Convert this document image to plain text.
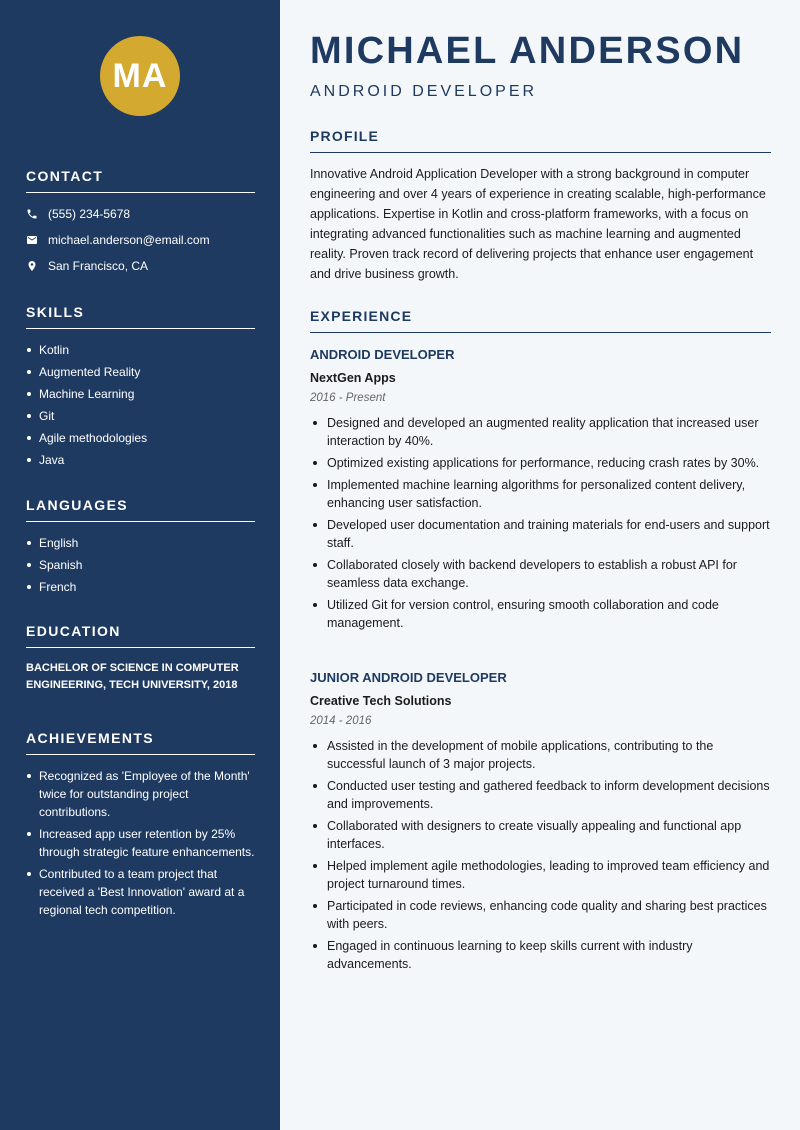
MA
CONTACT
(555) 234-5678
michael.anderson@email.com
San Francisco, CA
SKILLS
Kotlin
Augmented Reality
Machine Learning
Git
Agile methodologies
Java
LANGUAGES
English
Spanish
French
EDUCATION
BACHELOR OF SCIENCE IN COMPUTER ENGINEERING, TECH UNIVERSITY, 2018
ACHIEVEMENTS
Recognized as 'Employee of the Month' twice for outstanding project contributions.
Increased app user retention by 25% through strategic feature enhancements.
Contributed to a team project that received a 'Best Innovation' award at a regional tech competition.
MICHAEL ANDERSON
ANDROID DEVELOPER
PROFILE
Innovative Android Application Developer with a strong background in computer engineering and over 4 years of experience in creating scalable, high-performance applications. Expertise in Kotlin and cross-platform frameworks, with a focus on integrating advanced functionalities such as machine learning and augmented reality. Proven track record of delivering projects that enhance user engagement and drive business growth.
EXPERIENCE
ANDROID DEVELOPER
NextGen Apps
2016 - Present
Designed and developed an augmented reality application that increased user interaction by 40%.
Optimized existing applications for performance, reducing crash rates by 30%.
Implemented machine learning algorithms for personalized content delivery, enhancing user satisfaction.
Developed user documentation and training materials for end-users and support staff.
Collaborated closely with backend developers to establish a robust API for seamless data exchange.
Utilized Git for version control, ensuring smooth collaboration and code management.
JUNIOR ANDROID DEVELOPER
Creative Tech Solutions
2014 - 2016
Assisted in the development of mobile applications, contributing to the successful launch of 3 major projects.
Conducted user testing and gathered feedback to inform development decisions and improvements.
Collaborated with designers to create visually appealing and functional app interfaces.
Helped implement agile methodologies, leading to improved team efficiency and project turnaround times.
Participated in code reviews, enhancing code quality and sharing best practices with peers.
Engaged in continuous learning to keep skills current with industry advancements.
